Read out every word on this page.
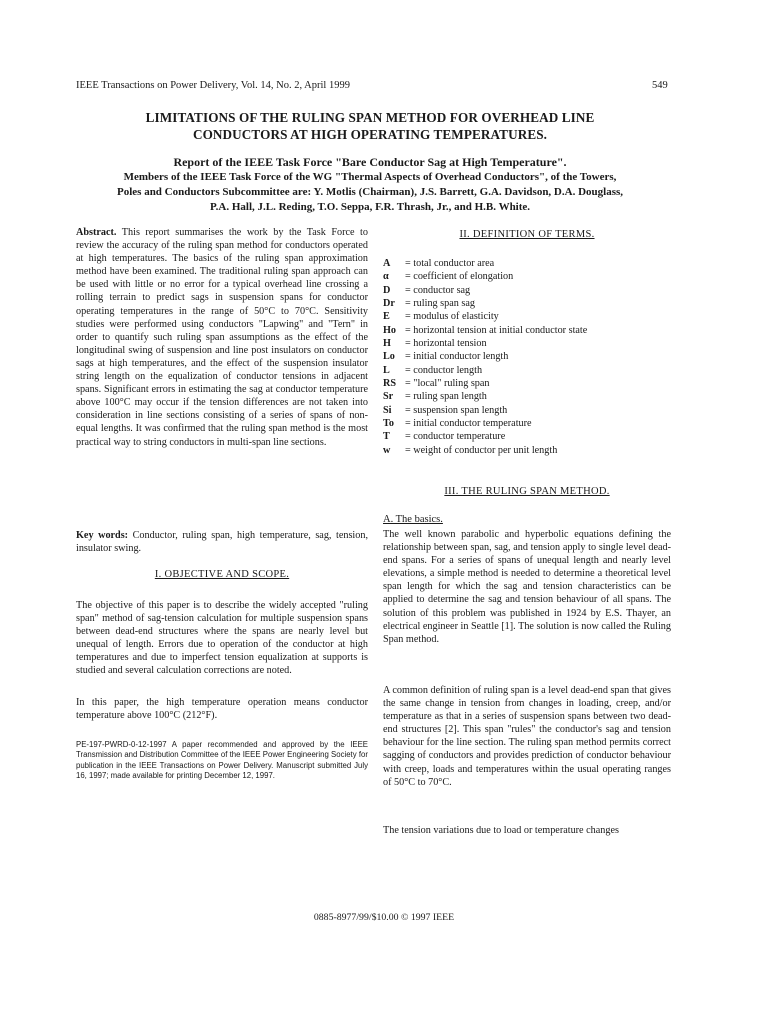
IEEE Transactions on Power Delivery, Vol. 14, No. 2, April 1999	549
LIMITATIONS OF THE RULING SPAN METHOD FOR OVERHEAD LINE
CONDUCTORS AT HIGH OPERATING TEMPERATURES.
Report of the IEEE Task Force "Bare Conductor Sag at High Temperature".
Members of the IEEE Task Force of the WG "Thermal Aspects of Overhead Conductors", of the Towers,
Poles and Conductors Subcommittee are: Y. Motlis (Chairman), J.S. Barrett, G.A. Davidson, D.A. Douglass,
P.A. Hall, J.L. Reding, T.O. Seppa, F.R. Thrash, Jr., and H.B. White.
Abstract. This report summarises the work by the Task Force to review the accuracy of the ruling span method for conductors operated at high temperatures. The basics of the ruling span approximation method have been examined. The traditional ruling span approach can be used with little or no error for a typical overhead line crossing a rolling terrain to predict sags in suspension spans for conductor operating temperatures in the range of 50°C to 70°C. Sensitivity studies were performed using conductors "Lapwing" and "Tern" in order to quantify such ruling span assumptions as the effect of the longitudinal swing of suspension and line post insulators on conductor sags at high temperatures, and the effect of the suspension insulator string length on the equalization of conductor tensions in adjacent spans. Significant errors in estimating the sag at conductor temperature above 100°C may occur if the tension differences are not taken into consideration in line sections consisting of a series of spans of non-equal lengths. It was confirmed that the ruling span method is the most practical way to string conductors in multi-span line sections.
Key words: Conductor, ruling span, high temperature, sag, tension, insulator swing.
I. OBJECTIVE AND SCOPE.
The objective of this paper is to describe the widely accepted "ruling span" method of sag-tension calculation for multiple suspension spans between dead-end structures where the spans are nearly level but unequal of length. Errors due to operation of the conductor at high temperatures and due to imperfect tension equalization at supports is studied and several calculation corrections are noted.
In this paper, the high temperature operation means conductor temperature above 100°C (212°F).
PE-197-PWRD-0-12-1997 A paper recommended and approved by the IEEE Transmission and Distribution Committee of the IEEE Power Engineering Society for publication in the IEEE Transactions on Power Delivery. Manuscript submitted July 16, 1997; made available for printing December 12, 1997.
II. DEFINITION OF TERMS.
A	= total conductor area
α	= coefficient of elongation
D	= conductor sag
Dr = ruling span sag
E	= modulus of elasticity
Ho = horizontal tension at initial conductor state
H	= horizontal tension
Lo = initial conductor length
L	= conductor length
RS = "local" ruling span
Sr	= ruling span length
Si	= suspension span length
To	= initial conductor temperature
T	= conductor temperature
w	= weight of conductor per unit length
III. THE RULING SPAN METHOD.
A. The basics.
The well known parabolic and hyperbolic equations defining the relationship between span, sag, and tension apply to single level dead-end spans. For a series of spans of unequal length and nearly level elevations, a simple method is needed to determine a theoretical level span length for which the sag and tension characteristics can be applied to determine the sag and tension behaviour of all spans. The solution of this problem was published in 1924 by E.S. Thayer, an electrical engineer in Seattle [1]. The solution is now called the Ruling Span method.
A common definition of ruling span is a level dead-end span that gives the same change in tension from changes in loading, creep, and/or temperature as that in a series of suspension spans between two dead-end structures [2]. This span "rules" the conductor's sag and tension behaviour for the line section. The ruling span method permits correct sagging of conductors and provides prediction of conductor behaviour with creep, loads and temperatures within the usual operating ranges of 50°C to 70°C.
The tension variations due to load or temperature changes
0885-8977/99/$10.00 © 1997 IEEE
